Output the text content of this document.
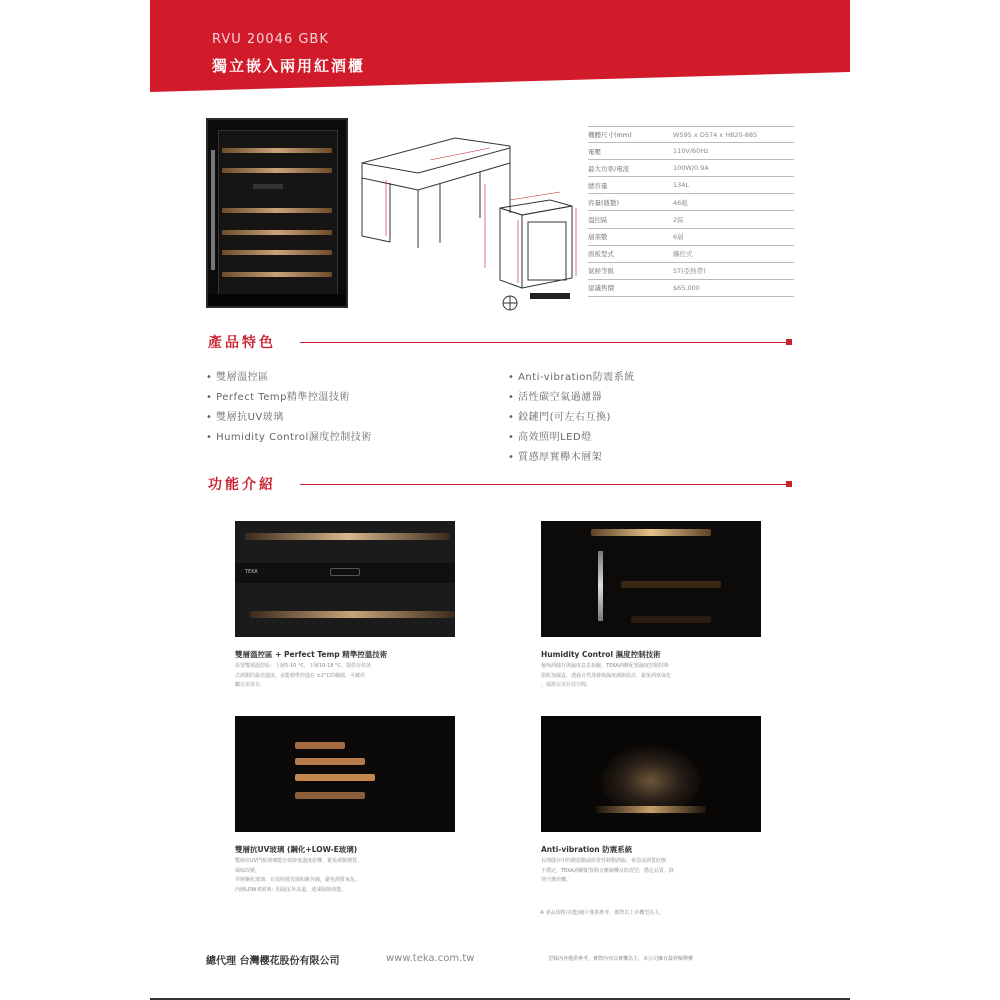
RVU 20046 GBK
獨立嵌入兩用紅酒櫃
機體尺寸(mm)	W595 x D574 x H820-885
電壓	110V/60Hz
最大功率/電流	100W/0.9A
總容量	134L
容量(瓶數)	46瓶
溫控區	2區
層架數	6層
面板型式	觸控式
氣候等級	ST(亞熱帶)
建議售價	$65,000
產品特色
• 雙層溫控區
• Perfect Temp精準控溫技術
• 雙層抗UV玻璃
• Humidity Control濕度控制技術
• Anti-vibration防震系統
• 活性碳空氣過濾器
• 鉸鏈門(可左右互換)
• 高效照明LED燈
• 質感厚實櫸木層架
功能介紹
TEKA
雙層溫控區 + Perfect Temp 精準控溫技術
設置雙層溫控區：上層5-10 °C，下層10-18 °C，提供存放各
式酒類的最佳溫度，並能精準控溫在 ±2°C的範圍，可藏佳
釀完美保存。
Humidity Control 濕度控制技術
葡萄酒儲存與濕度息息相關，TEKA酒櫃配置濕度控制技術
搭配加濕盒，透過自然蒸發與濕度調節設計，避免酒塞氧化
，保證完美存放空間。
雙層抗UV玻璃 (鋼化+LOW-E玻璃)
雙層抗UV門板玻璃能有效降低溫度影響，避免酒類變質、
風味改變。
外層鋼化玻璃：有效阻擋光線和紫外線，避免酒質氧化。
內層LOW-E玻璃：阻隔室外高溫，達成隔熱效能。
Anti-vibration 防震系統
長期儲存中的微震動或經常性移動酒瓶，會造成酒質狀態
不穩定，TEKA酒櫃配置靜音壓縮機及防震型，穩定品質，降
別守護佳釀。
※ 產品規格/功能/圖片僅供參考，實際以上市機型為主。
總代理 台灣櫻花股份有限公司	www.teka.com.tw	型錄內容僅供參考，實際內容以實機為主，本公司擁有最終解釋權
